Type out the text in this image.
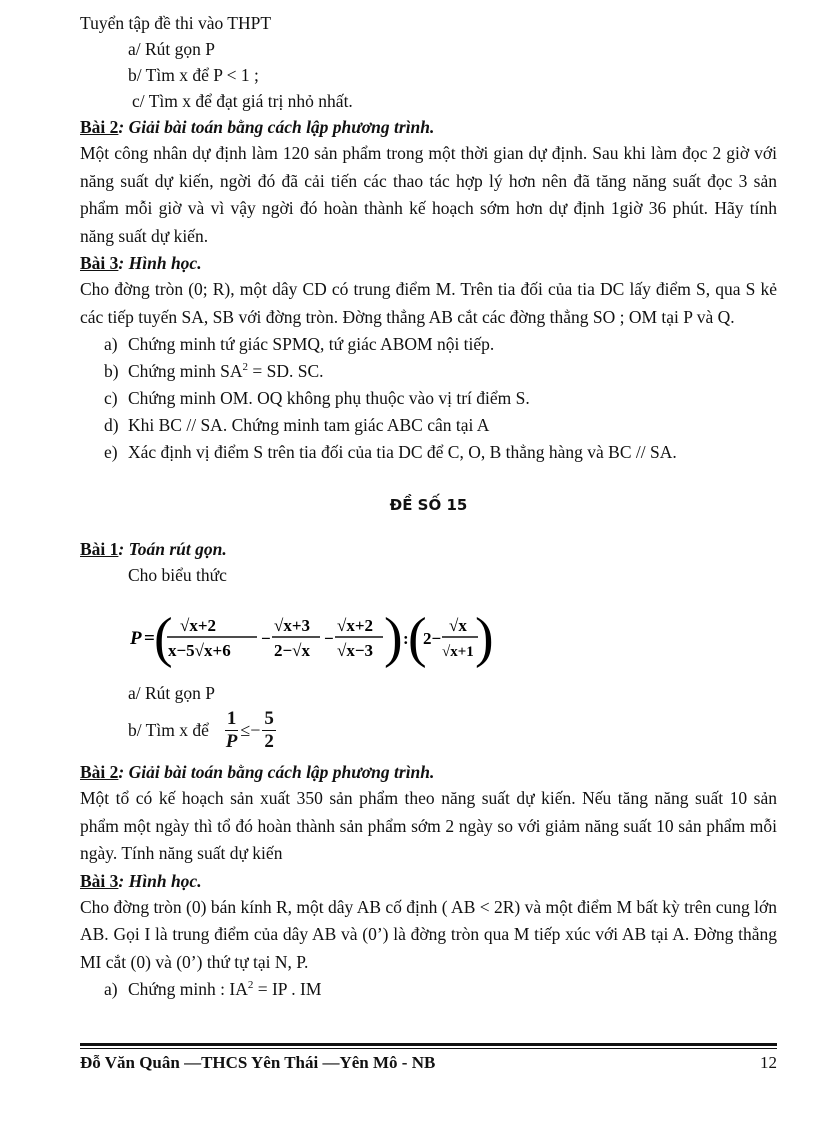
Tuyển tập đề thi vào THPT
a/ Rút gọn P
b/ Tìm x để P < 1 ;
c/ Tìm x để đạt giá trị nhỏ nhất.
Bài 2: Giải bài toán bằng cách lập phương trình.
Một công nhân dự định làm 120 sản phẩm trong một thời gian dự định. Sau khi làm đọc 2 giờ với năng suất dự kiến, ngời đó đã cải tiến các thao tác hợp lý hơn nên đã tăng năng suất đọc 3 sản phẩm mỗi giờ và vì vậy ngời đó hoàn thành kế hoạch sớm hơn dự định 1giờ 36 phút. Hãy tính năng suất dự kiến.
Bài 3: Hình học.
Cho đờng tròn (0; R), một dây CD có trung điểm M. Trên tia đối của tia DC lấy điểm S, qua S kẻ các tiếp tuyến SA, SB với đờng tròn. Đờng thẳng AB cắt các đờng thẳng SO ; OM tại P và Q.
a) Chứng minh tứ giác SPMQ, tứ giác ABOM nội tiếp.
b) Chứng minh $SA^2$ = SD. SC.
c) Chứng minh OM. OQ không phụ thuộc vào vị trí điểm S.
d) Khi BC // SA. Chứng minh tam giác ABC cân tại A
e) Xác định vị điểm S trên tia đối của tia DC để C, O, B thẳng hàng và BC // SA.
ĐỀ SỐ 15
Bài 1: Toán rút gọn.
Cho biểu thức
P = ( √x+2
x−5√x+6
−
√x+3
2−√x
−
√x+2
√x−3 ) : (
2−
√x
√x+1 )
a/ Rút gọn P
b/ Tìm x để $\frac{1}{P} \le- \frac{5}{2}$
Bài 2: Giải bài toán bằng cách lập phương trình.
Một tổ có kế hoạch sản xuất 350 sản phẩm theo năng suất dự kiến. Nếu tăng năng suất 10 sản phẩm một ngày thì tổ đó hoàn thành sản phẩm sớm 2 ngày so với giảm năng suất 10 sản phẩm mỗi ngày. Tính năng suất dự kiến
Bài 3: Hình học.
Cho đờng tròn (0) bán kính R, một dây AB cố định ( AB < 2R) và một điểm M bất kỳ trên cung lớn AB. Gọi I là trung điểm của dây AB và (0’) là đờng tròn qua M tiếp xúc với AB tại A. Đờng thẳng MI cắt (0) và (0’) thứ tự tại N, P.
a) Chứng minh : $IA^2$ = IP . IM
Đỗ Văn Quân —THCS Yên Thái —Yên Mô - NB	12
